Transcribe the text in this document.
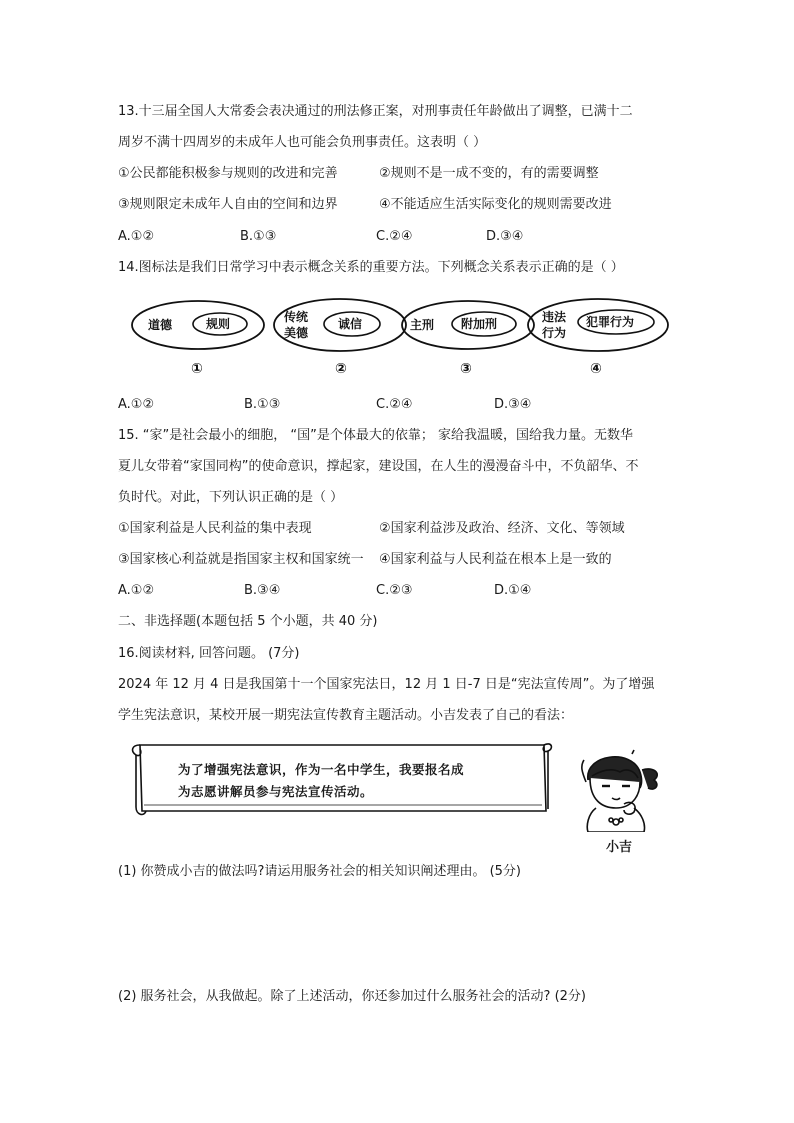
13.十三届全国人大常委会表决通过的刑法修正案，对刑事责任年龄做出了调整，已满十二
周岁不满十四周岁的未成年人也可能会负刑事责任。这表明（ ）
①公民都能积极参与规则的改进和完善	②规则不是一成不变的，有的需要调整
③规则限定未成年人自由的空间和边界	④不能适应生活实际变化的规则需要改进
A.①②	B.①③	C.②④	D.③④
14.图标法是我们日常学习中表示概念关系的重要方法。下列概念关系表示正确的是（ ）
道德	规则
①
传统
美德
诚信
②
主刑 附加刑
③
违法
行为
犯罪行为
④
A.①②	B.①③	C.②④	D.③④
15. “家”是社会最小的细胞， “国”是个体最大的依靠； 家给我温暖，国给我力量。无数华
夏儿女带着“家国同构”的使命意识，撑起家，建设国，在人生的漫漫奋斗中，不负韶华、不
负时代。对此，下列认识正确的是（ ）
①国家利益是人民利益的集中表现	②国家利益涉及政治、经济、文化、等领域
③国家核心利益就是指国家主权和国家统一 ④国家利益与人民利益在根本上是一致的
A.①②	B.③④	C.②③	D.①④
二、非选择题(本题包括 5 个小题，共 40 分)
16.阅读材料, 回答问题。 (7分)
2024 年 12 月 4 日是我国第十一个国家宪法日，12 月 1 日-7 日是“宪法宣传周”。为了增强
学生宪法意识，某校开展一期宪法宣传教育主题活动。小吉发表了自己的看法：
为了增强宪法意识，作为一名中学生，我要报名成
为志愿讲解员参与宪法宣传活动。
小吉
(1) 你赞成小吉的做法吗?请运用服务社会的相关知识阐述理由。 (5分)
(2) 服务社会，从我做起。除了上述活动，你还参加过什么服务社会的活动? (2分)
